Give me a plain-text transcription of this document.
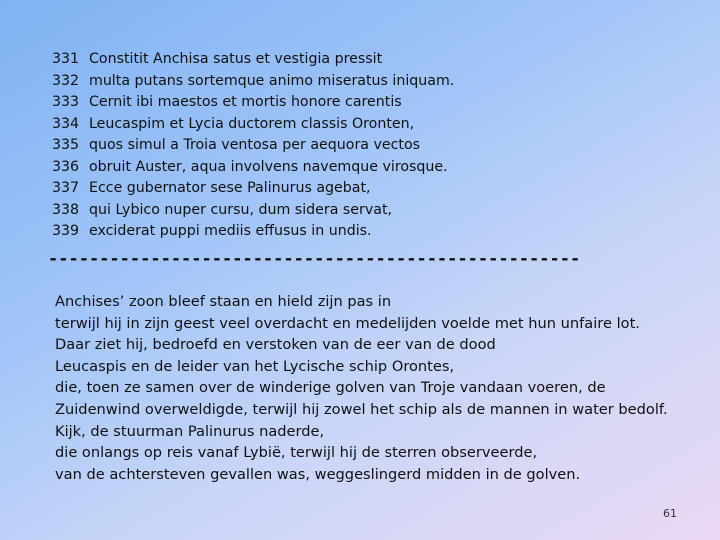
331 Constitit Anchisa satus et vestigia pressit
332 multa putans sortemque animo miseratus iniquam.
333 Cernit ibi maestos et mortis honore carentis
334 Leucaspim et Lycia ductorem classis Oronten,
335 quos simul a Troia ventosa per aequora vectos
336 obruit Auster, aqua involvens navemque virosque.
337 Ecce gubernator sese Palinurus agebat,
338 qui Lybico nuper cursu, dum sidera servat,
339 exciderat puppi mediis effusus in undis.
----------------------------------------------------
Anchises’ zoon bleef staan en hield zijn pas in
terwijl hij in zijn geest veel overdacht en medelijden voelde met hun unfaire lot.
Daar ziet hij, bedroefd en verstoken van de eer van de dood
Leucaspis en de leider van het Lycische schip Orontes,
die, toen ze samen over de winderige golven van Troje vandaan voeren, de
Zuidenwind overweldigde, terwijl hij zowel het schip als de mannen in water bedolf.
Kijk, de stuurman Palinurus naderde,
die onlangs op reis vanaf Lybië, terwijl hij de sterren observeerde,
van de achtersteven gevallen was, weggeslingerd midden in de golven.
61
